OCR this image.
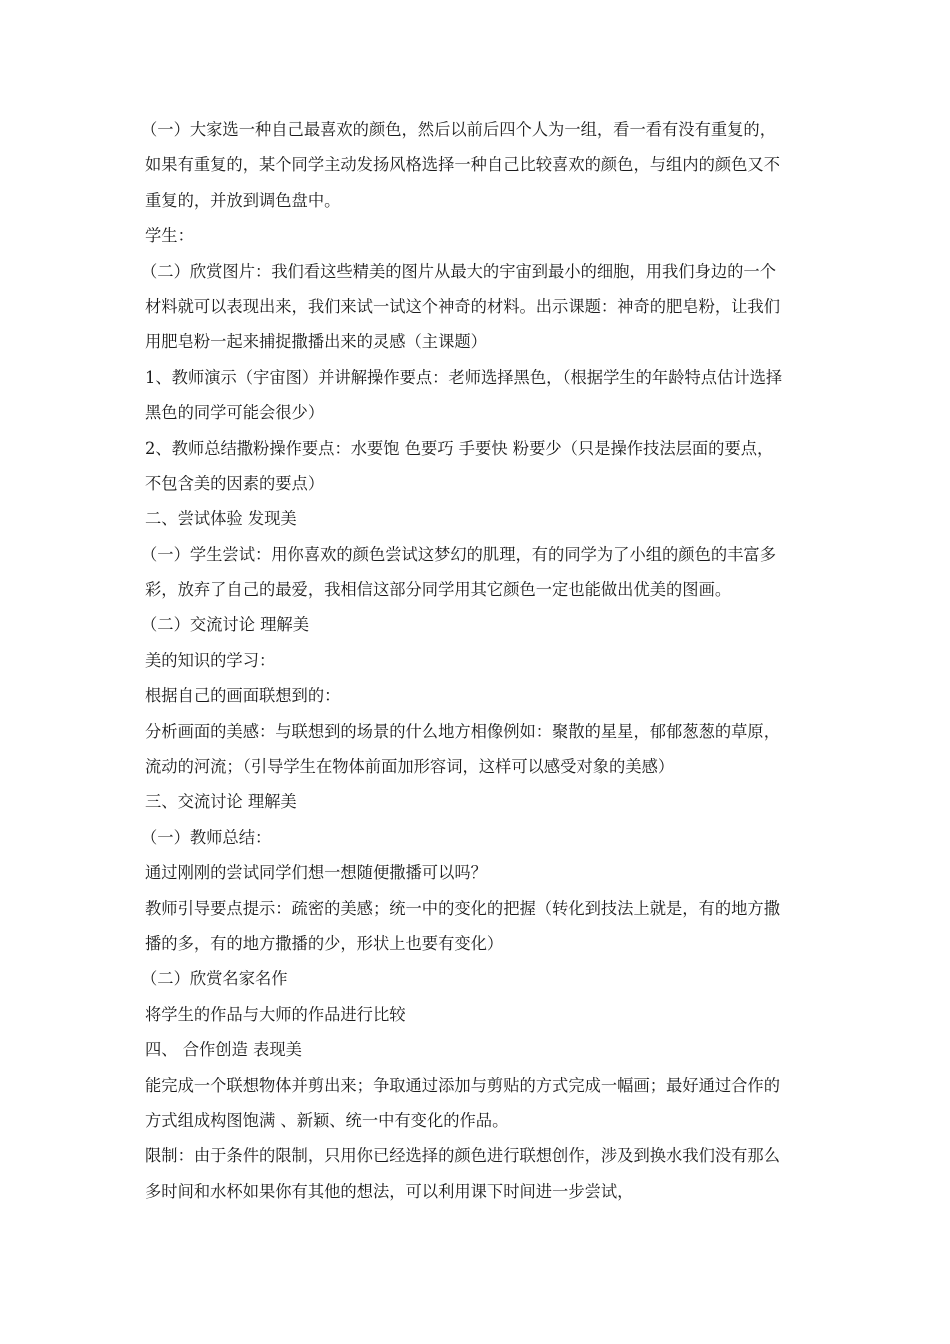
（一）大家选一种自己最喜欢的颜色，然后以前后四个人为一组，看一看有没有重复的，
如果有重复的，某个同学主动发扬风格选择一种自己比较喜欢的颜色，与组内的颜色又不
重复的，并放到调色盘中。
学生：
（二）欣赏图片：我们看这些精美的图片从最大的宇宙到最小的细胞，用我们身边的一个
材料就可以表现出来，我们来试一试这个神奇的材料。出示课题：神奇的肥皂粉，让我们
用肥皂粉一起来捕捉撒播出来的灵感（主课题）
1、教师演示（宇宙图）并讲解操作要点：老师选择黑色，（根据学生的年龄特点估计选择
黑色的同学可能会很少）
2、教师总结撒粉操作要点：水要饱 色要巧 手要快 粉要少（只是操作技法层面的要点，
不包含美的因素的要点）
二、尝试体验 发现美
（一）学生尝试：用你喜欢的颜色尝试这梦幻的肌理，有的同学为了小组的颜色的丰富多
彩，放弃了自己的最爱，我相信这部分同学用其它颜色一定也能做出优美的图画。
（二）交流讨论 理解美
美的知识的学习：
根据自己的画面联想到的：
分析画面的美感：与联想到的场景的什么地方相像例如：聚散的星星，郁郁葱葱的草原，
流动的河流；（引导学生在物体前面加形容词，这样可以感受对象的美感）
三、交流讨论 理解美
（一）教师总结：
通过刚刚的尝试同学们想一想随便撒播可以吗？
教师引导要点提示：疏密的美感；统一中的变化的把握（转化到技法上就是，有的地方撒
播的多，有的地方撒播的少，形状上也要有变化）
（二）欣赏名家名作
将学生的作品与大师的作品进行比较
四、 合作创造 表现美
能完成一个联想物体并剪出来；争取通过添加与剪贴的方式完成一幅画；最好通过合作的
方式组成构图饱满 、新颖、统一中有变化的作品。
限制：由于条件的限制，只用你已经选择的颜色进行联想创作，涉及到换水我们没有那么
多时间和水杯如果你有其他的想法，可以利用课下时间进一步尝试，
